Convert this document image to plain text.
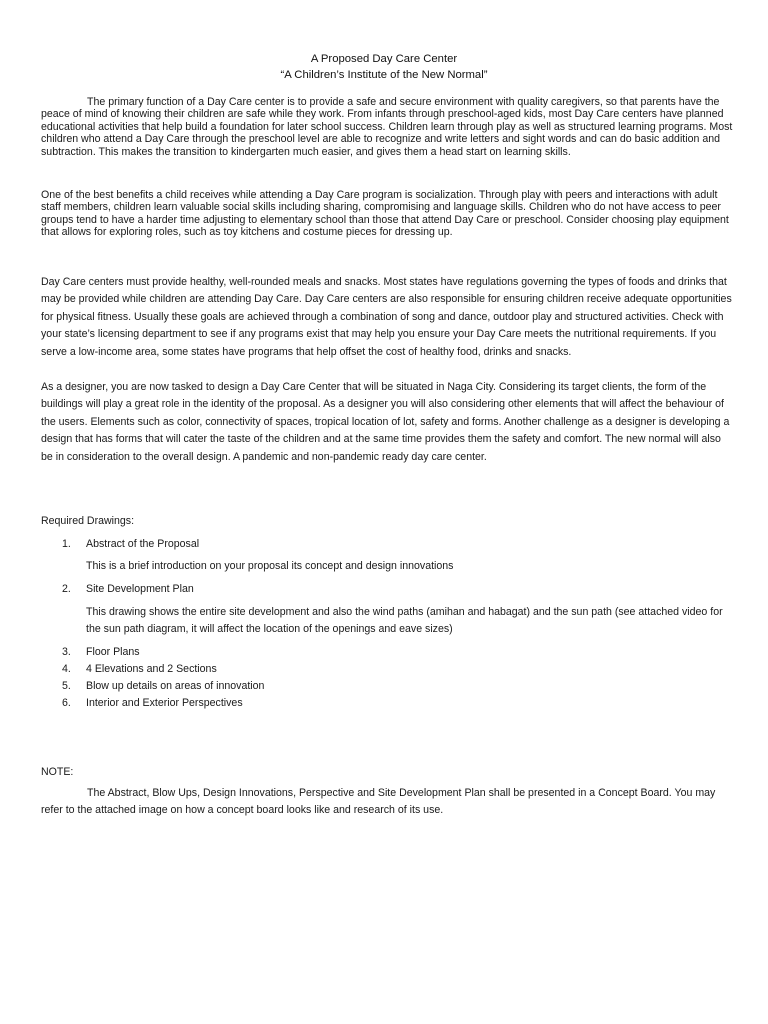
A Proposed Day Care Center
“A Children’s Institute of the New Normal”

The primary function of a Day Care center is to provide a safe and secure environment with quality caregivers, so that parents have the peace of mind of knowing their children are safe while they work. From infants through preschool-aged kids, most Day Care centers have planned educational activities that help build a foundation for later school success. Children learn through play as well as structured learning programs. Most children who attend a Day Care through the preschool level are able to recognize and write letters and sight words and can do basic addition and subtraction. This makes the transition to kindergarten much easier, and gives them a head start on learning skills.

One of the best benefits a child receives while attending a Day Care program is socialization. Through play with peers and interactions with adult staff members, children learn valuable social skills including sharing, compromising and language skills. Children who do not have access to peer groups tend to have a harder time adjusting to elementary school than those that attend Day Care or preschool. Consider choosing play equipment that allows for exploring roles, such as toy kitchens and costume pieces for dressing up.

Day Care centers must provide healthy, well-rounded meals and snacks. Most states have regulations governing the types of foods and drinks that may be provided while children are attending Day Care. Day Care centers are also responsible for ensuring children receive adequate opportunities for physical fitness. Usually these goals are achieved through a combination of song and dance, outdoor play and structured activities. Check with your state’s licensing department to see if any programs exist that may help you ensure your Day Care meets the nutritional requirements. If you serve a low-income area, some states have programs that help offset the cost of healthy food, drinks and snacks.

As a designer, you are now tasked to design a Day Care Center that will be situated in Naga City. Considering its target clients, the form of the buildings will play a great role in the identity of the proposal. As a designer you will also considering other elements that will affect the behaviour of the users. Elements such as color, connectivity of spaces, tropical location of lot, safety and forms. Another challenge as a designer is developing a design that has forms that will cater the taste of the children and at the same time provides them the safety and comfort. The new normal will also be in consideration to the overall design. A pandemic and non-pandemic ready day care center.

Required Drawings:
1. Abstract of the Proposal

This is a brief introduction on your proposal its concept and design innovations

2. Site Development Plan

This drawing shows the entire site development and also the wind paths (amihan and habagat) and the sun path (see attached video for the sun path diagram, it will affect the location of the openings and eave sizes)

3. Floor Plans
4. 4 Elevations and 2 Sections
5. Blow up details on areas of innovation
6. Interior and Exterior Perspectives
NOTE:

The Abstract, Blow Ups, Design Innovations, Perspective and Site Development Plan shall be presented in a Concept Board. You may refer to the attached image on how a concept board looks like and research of its use.
